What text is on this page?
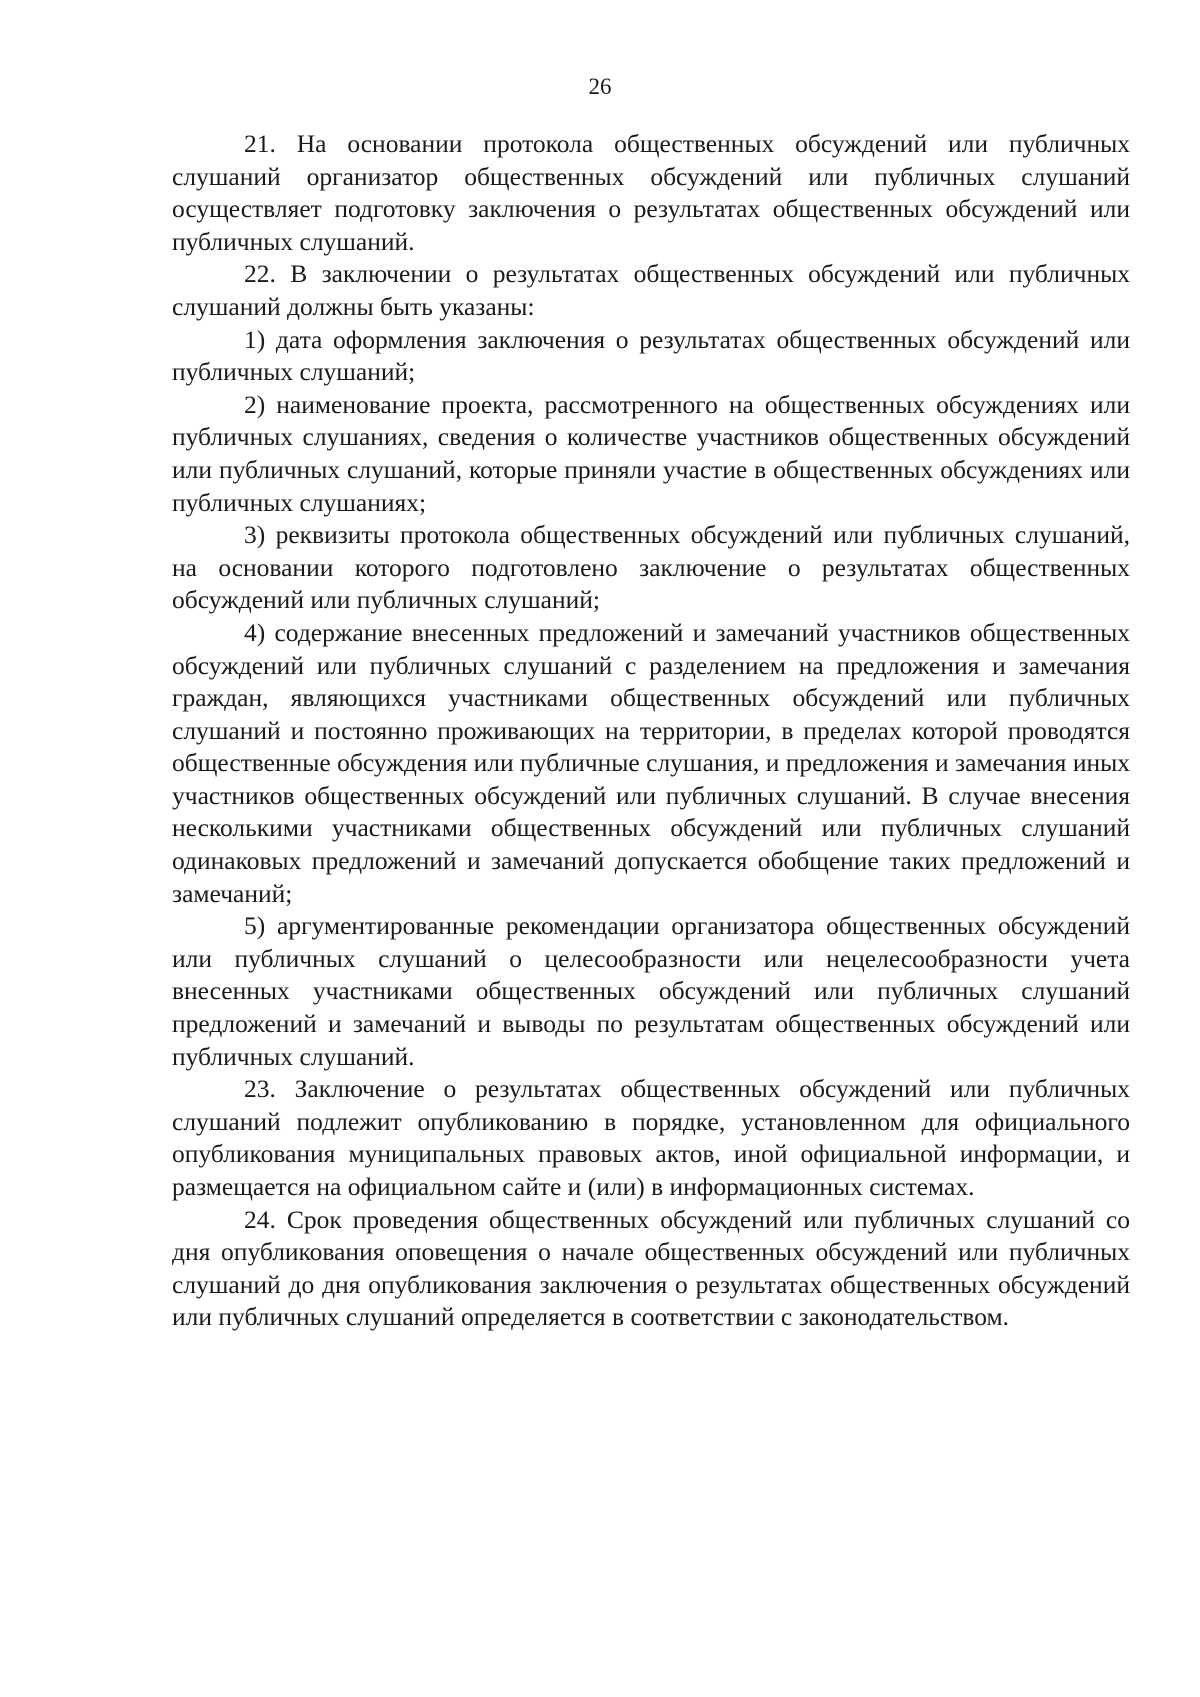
26

21. На основании протокола общественных обсуждений или публичных слушаний организатор общественных обсуждений или публичных слушаний осуществляет подготовку заключения о результатах общественных обсуждений или публичных слушаний.

22. В заключении о результатах общественных обсуждений или публичных слушаний должны быть указаны:

1) дата оформления заключения о результатах общественных обсуждений или публичных слушаний;

2) наименование проекта, рассмотренного на общественных обсуждениях или публичных слушаниях, сведения о количестве участников общественных обсуждений или публичных слушаний, которые приняли участие в общественных обсуждениях или публичных слушаниях;

3) реквизиты протокола общественных обсуждений или публичных слушаний, на основании которого подготовлено заключение о результатах общественных обсуждений или публичных слушаний;

4) содержание внесенных предложений и замечаний участников общественных обсуждений или публичных слушаний с разделением на предложения и замечания граждан, являющихся участниками общественных обсуждений или публичных слушаний и постоянно проживающих на территории, в пределах которой проводятся общественные обсуждения или публичные слушания, и предложения и замечания иных участников общественных обсуждений или публичных слушаний. В случае внесения несколькими участниками общественных обсуждений или публичных слушаний одинаковых предложений и замечаний допускается обобщение таких предложений и замечаний;

5) аргументированные рекомендации организатора общественных обсуждений или публичных слушаний о целесообразности или нецелесообразности учета внесенных участниками общественных обсуждений или публичных слушаний предложений и замечаний и выводы по результатам общественных обсуждений или публичных слушаний.

23. Заключение о результатах общественных обсуждений или публичных слушаний подлежит опубликованию в порядке, установленном для официального опубликования муниципальных правовых актов, иной официальной информации, и размещается на официальном сайте и (или) в информационных системах.

24. Срок проведения общественных обсуждений или публичных слушаний со дня опубликования оповещения о начале общественных обсуждений или публичных слушаний до дня опубликования заключения о результатах общественных обсуждений или публичных слушаний определяется в соответствии с законодательством.
